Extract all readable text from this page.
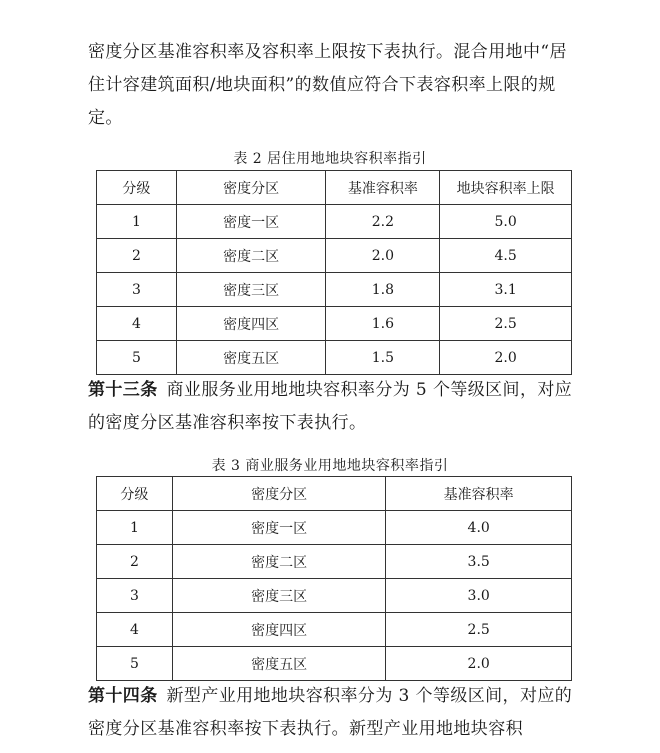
密度分区基准容积率及容积率上限按下表执行。混合用地中“居住计容建筑面积/地块面积”的数值应符合下表容积率上限的规定。

表 2 居住用地地块容积率指引

分级	密度分区	基准容积率	地块容积率上限
1	密度一区	2.2	5.0
2	密度二区	2.0	4.5
3	密度三区	1.8	3.1
4	密度四区	1.6	2.5
5	密度五区	1.5	2.0

第十三条  商业服务业用地地块容积率分为 5 个等级区间，对应的密度分区基准容积率按下表执行。

表 3 商业服务业用地地块容积率指引

分级	密度分区	基准容积率
1	密度一区	4.0
2	密度二区	3.5
3	密度三区	3.0
4	密度四区	2.5
5	密度五区	2.0

第十四条  新型产业用地地块容积率分为 3 个等级区间，对应的密度分区基准容积率按下表执行。新型产业用地地块容积
